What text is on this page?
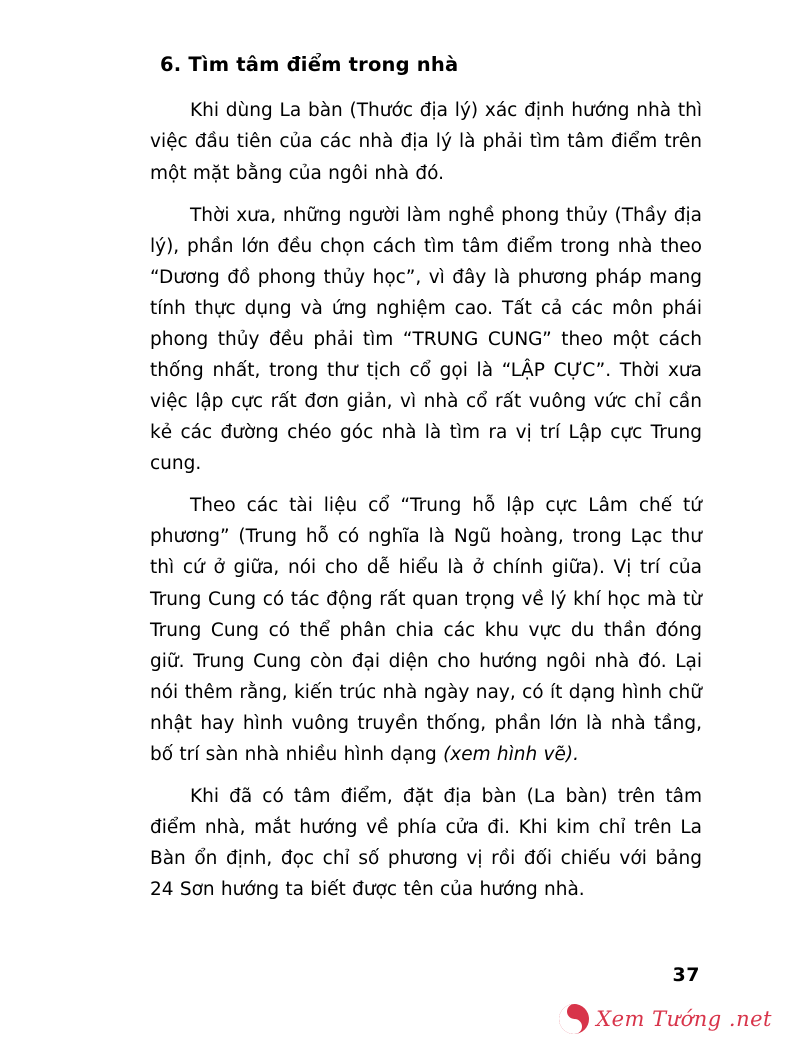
6. Tìm tâm điểm trong nhà

Khi dùng La bàn (Thước địa lý) xác định hướng nhà thì việc đầu tiên của các nhà địa lý là phải tìm tâm điểm trên một mặt bằng của ngôi nhà đó.

Thời xưa, những người làm nghề phong thủy (Thầy địa lý), phần lớn đều chọn cách tìm tâm điểm trong nhà theo “Dương đồ phong thủy học”, vì đây là phương pháp mang tính thực dụng và ứng nghiệm cao. Tất cả các môn phái phong thủy đều phải tìm “TRUNG CUNG” theo một cách thống nhất, trong thư tịch cổ gọi là “LẬP CỰC”. Thời xưa việc lập cực rất đơn giản, vì nhà cổ rất vuông vức chỉ cần kẻ các đường chéo góc nhà là tìm ra vị trí Lập cực Trung cung.

Theo các tài liệu cổ “Trung hỗ lập cực Lâm chế tứ phương” (Trung hỗ có nghĩa là Ngũ hoàng, trong Lạc thư thì cứ ở giữa, nói cho dễ hiểu là ở chính giữa). Vị trí của Trung Cung có tác động rất quan trọng về lý khí học mà từ Trung Cung có thể phân chia các khu vực du thần đóng giữ. Trung Cung còn đại diện cho hướng ngôi nhà đó. Lại nói thêm rằng, kiến trúc nhà ngày nay, có ít dạng hình chữ nhật hay hình vuông truyền thống, phần lớn là nhà tầng, bố trí sàn nhà nhiều hình dạng (xem hình vẽ).

Khi đã có tâm điểm, đặt địa bàn (La bàn) trên tâm điểm nhà, mắt hướng về phía cửa đi. Khi kim chỉ trên La Bàn ổn định, đọc chỉ số phương vị rồi đối chiếu với bảng 24 Sơn hướng ta biết được tên của hướng nhà.

37
Xem Tướng .net
